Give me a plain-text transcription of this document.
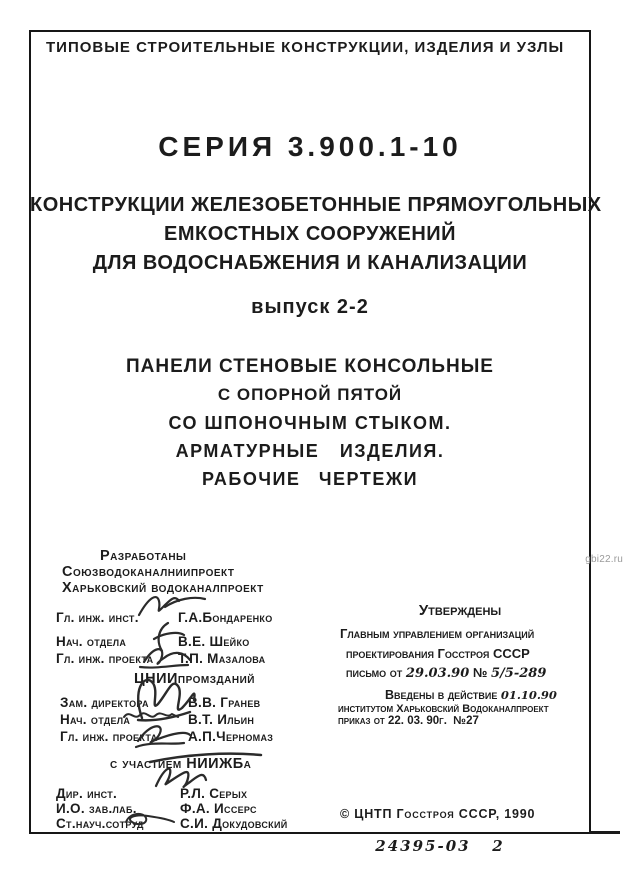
ТИПОВЫЕ СТРОИТЕЛЬНЫЕ КОНСТРУКЦИИ, ИЗДЕЛИЯ И УЗЛЫ
СЕРИЯ 3.900.1-10
КОНСТРУКЦИИ ЖЕЛЕЗОБЕТОННЫЕ ПРЯМОУГОЛЬНЫХ
ЕМКОСТНЫХ СООРУЖЕНИЙ
ДЛЯ ВОДОСНАБЖЕНИЯ И КАНАЛИЗАЦИИ
выпуск 2-2
ПАНЕЛИ СТЕНОВЫЕ КОНСОЛЬНЫЕ
С ОПОРНОЙ ПЯТОЙ
СО ШПОНОЧНЫМ СТЫКОМ.
АРМАТУРНЫЕ ИЗДЕЛИЯ.
РАБОЧИЕ ЧЕРТЕЖИ
Разработаны
Союзводоканалниипроект
Харьковский водоканалпроект
Гл. инж. инст.	Г.А.Бондаренко
Нач. отдела	В.Е. Шейко
Гл. инж. проекта Т.П. Мазалова
ЦНИИпромзданий
Зам. директора	В.В. Гранев
Нач. отдела	В.Т. Ильин
Гл. инж. проекта А.П.Черномаз
с участием НИИЖБа
Дир. инст.	Р.Л. Серых
И.О. зав.лаб.	Ф.А. Иссерс
Ст.науч.сотруд	С.И. Докудовский
Утверждены
Главным управлением организаций
проектирования Госстроя СССР
письмо от 29.03.90 № 5/5-289
Введены в действие 01.10.90
институтом Харьковский Водоканалпроект
приказ от 22. 03. 90г.  №27
© ЦНТП Госстроя СССР, 1990
gbi22.ru
24395-03   2
